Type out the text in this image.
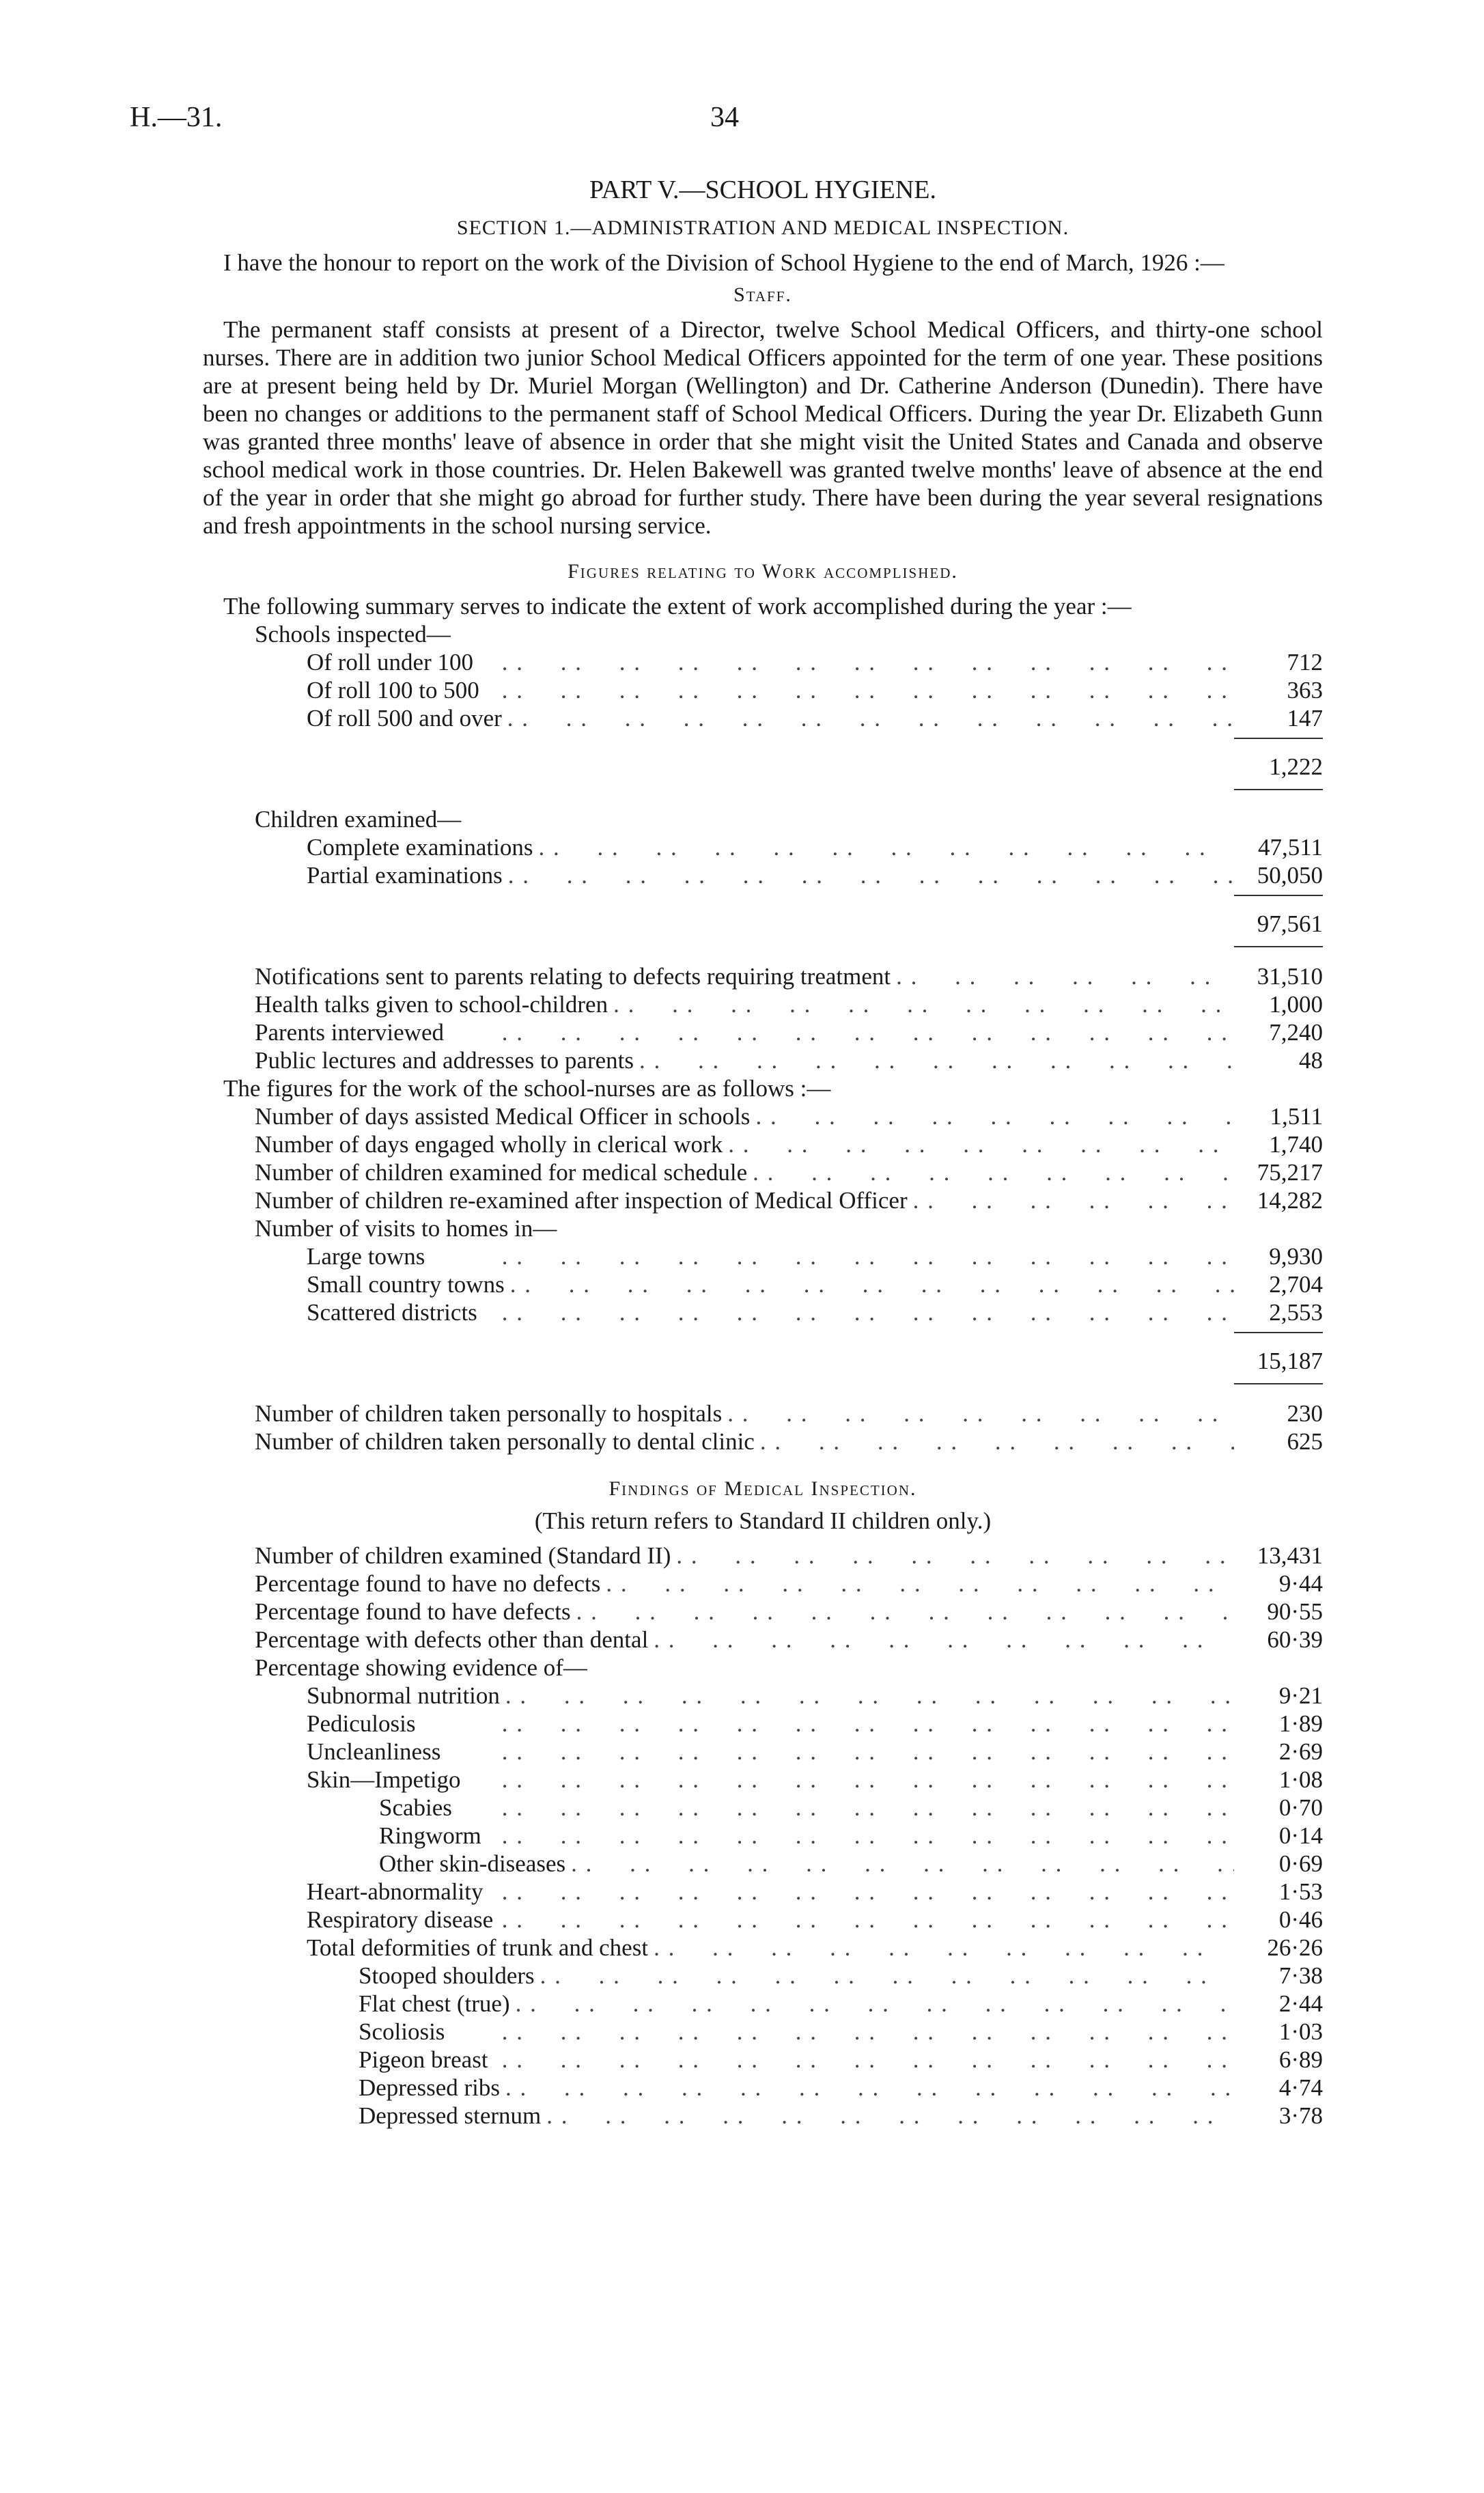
H.—31.	34
PART V.—SCHOOL HYGIENE.
SECTION 1.—ADMINISTRATION AND MEDICAL INSPECTION.

I have the honour to report on the work of the Division of School Hygiene to the end of March, 1926 :—

Staff.

The permanent staff consists at present of a Director, twelve School Medical Officers, and thirty-one school nurses. There are in addition two junior School Medical Officers appointed for the term of one year. These positions are at present being held by Dr. Muriel Morgan (Wellington) and Dr. Catherine Anderson (Dunedin). There have been no changes or additions to the permanent staff of School Medical Officers. During the year Dr. Elizabeth Gunn was granted three months' leave of absence in order that she might visit the United States and Canada and observe school medical work in those countries. Dr. Helen Bakewell was granted twelve months' leave of absence at the end of the year in order that she might go abroad for further study. There have been during the year several resignations and fresh appointments in the school nursing service.

Figures relating to Work accomplished.

The following summary serves to indicate the extent of work accomplished during the year :—

Schools inspected—
Of roll under 100 . .	712
Of roll 100 to 500 . .	363
Of roll 500 and over . .	147
1,222
Children examined—
Complete examinations . .	47,511
Partial examinations . .	50,050
97,561
Notifications sent to parents relating to defects requiring treatment . .	31,510
Health talks given to school-children . .	1,000
Parents interviewed . .	7,240
Public lectures and addresses to parents . .	48

The figures for the work of the school-nurses are as follows :—

Number of days assisted Medical Officer in schools . .	1,511
Number of days engaged wholly in clerical work . .	1,740
Number of children examined for medical schedule . .	75,217
Number of children re-examined after inspection of Medical Officer . .	14,282
Number of visits to homes in—
Large towns . .	9,930
Small country towns . .	2,704
Scattered districts . .	2,553
15,187
Number of children taken personally to hospitals . .	230
Number of children taken personally to dental clinic . .	625
Findings of Medical Inspection.
(This return refers to Standard II children only.)
Number of children examined (Standard II) . .	13,431
Percentage found to have no defects . .	9·44
Percentage found to have defects . .	90·55
Percentage with defects other than dental . .	60·39
Percentage showing evidence of—
Subnormal nutrition . .	9·21
Pediculosis . .	1·89
Uncleanliness . .	2·69
Skin—Impetigo . .	1·08
Scabies . .	0·70
Ringworm . .	0·14
Other skin-diseases . .	0·69
Heart-abnormality . .	1·53
Respiratory disease . .	0·46
Total deformities of trunk and chest . .	26·26
Stooped shoulders . .	7·38
Flat chest (true) . .	2·44
Scoliosis . .	1·03
Pigeon breast . .	6·89
Depressed ribs . .	4·74
Depressed sternum . .	3·78
